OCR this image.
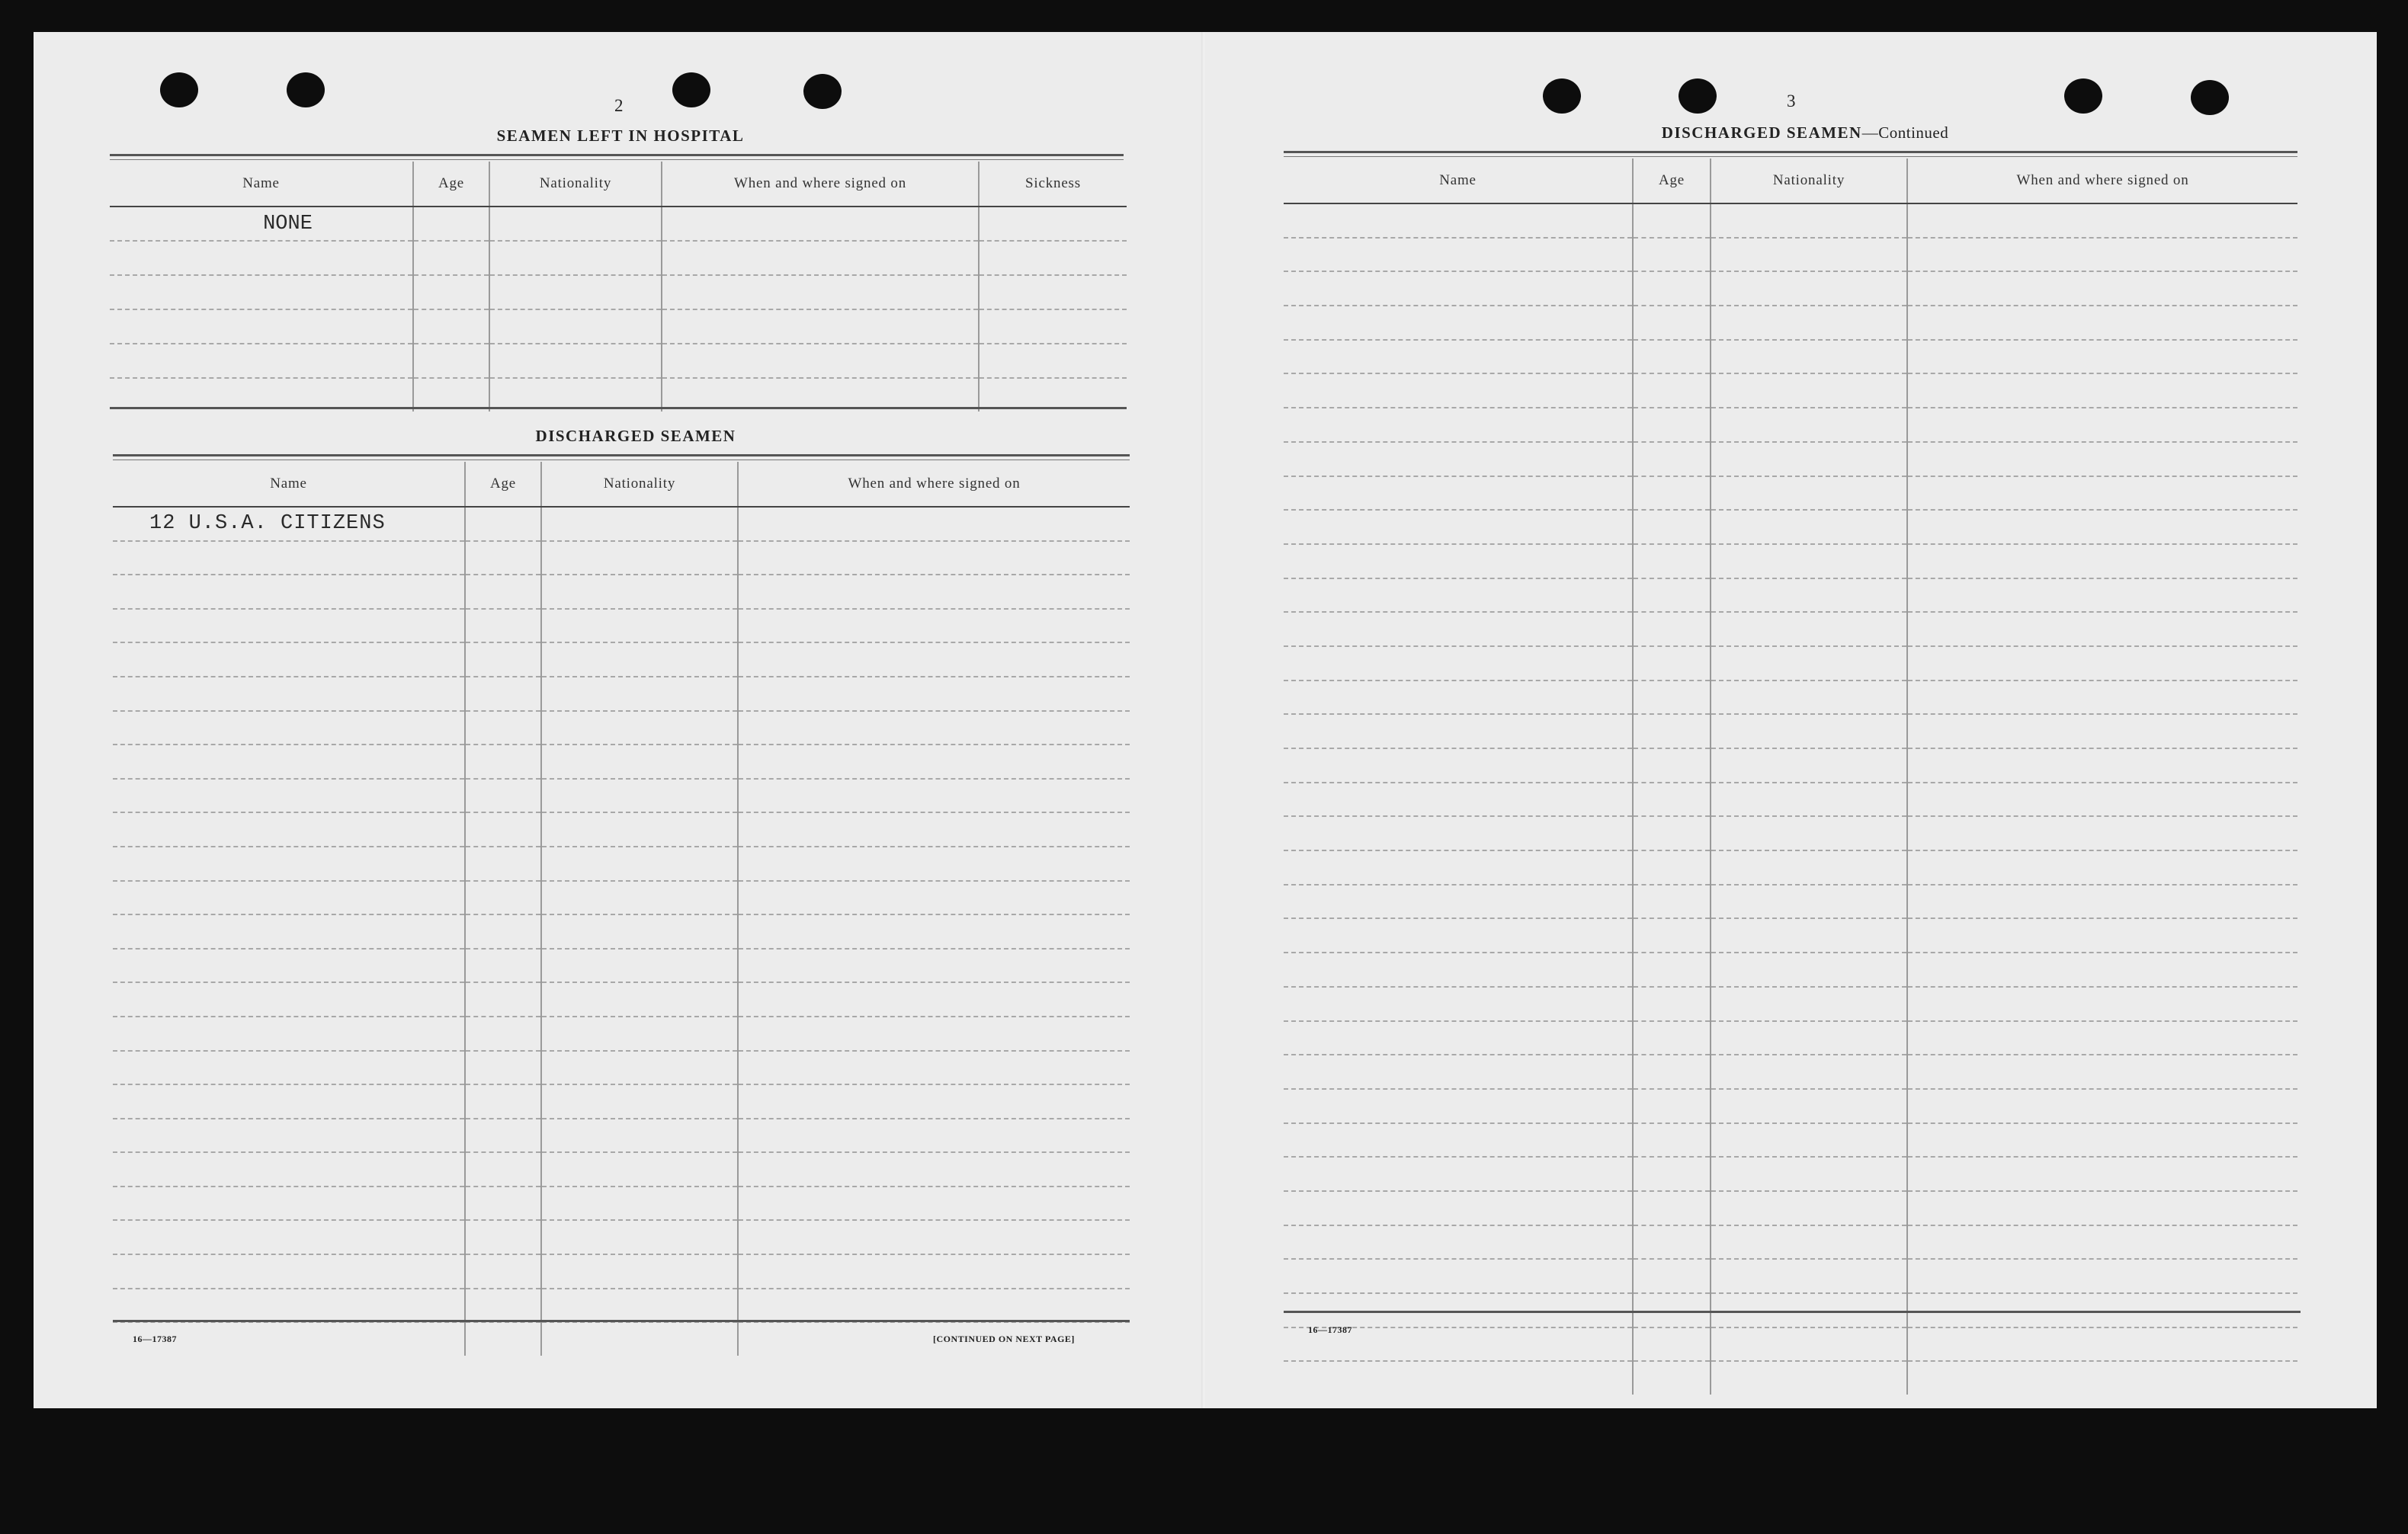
2
SEAMEN LEFT IN HOSPITAL
Name	Age	Nationality	When and where signed on	Sickness
NONE				

DISCHARGED SEAMEN
Name	Age	Nationality	When and where signed on
12 U.S.A. CITIZENS			

16—17387	[CONTINUED ON NEXT PAGE]
3
DISCHARGED SEAMEN—Continued
Name	Age	Nationality	When and where signed on

16—17387
